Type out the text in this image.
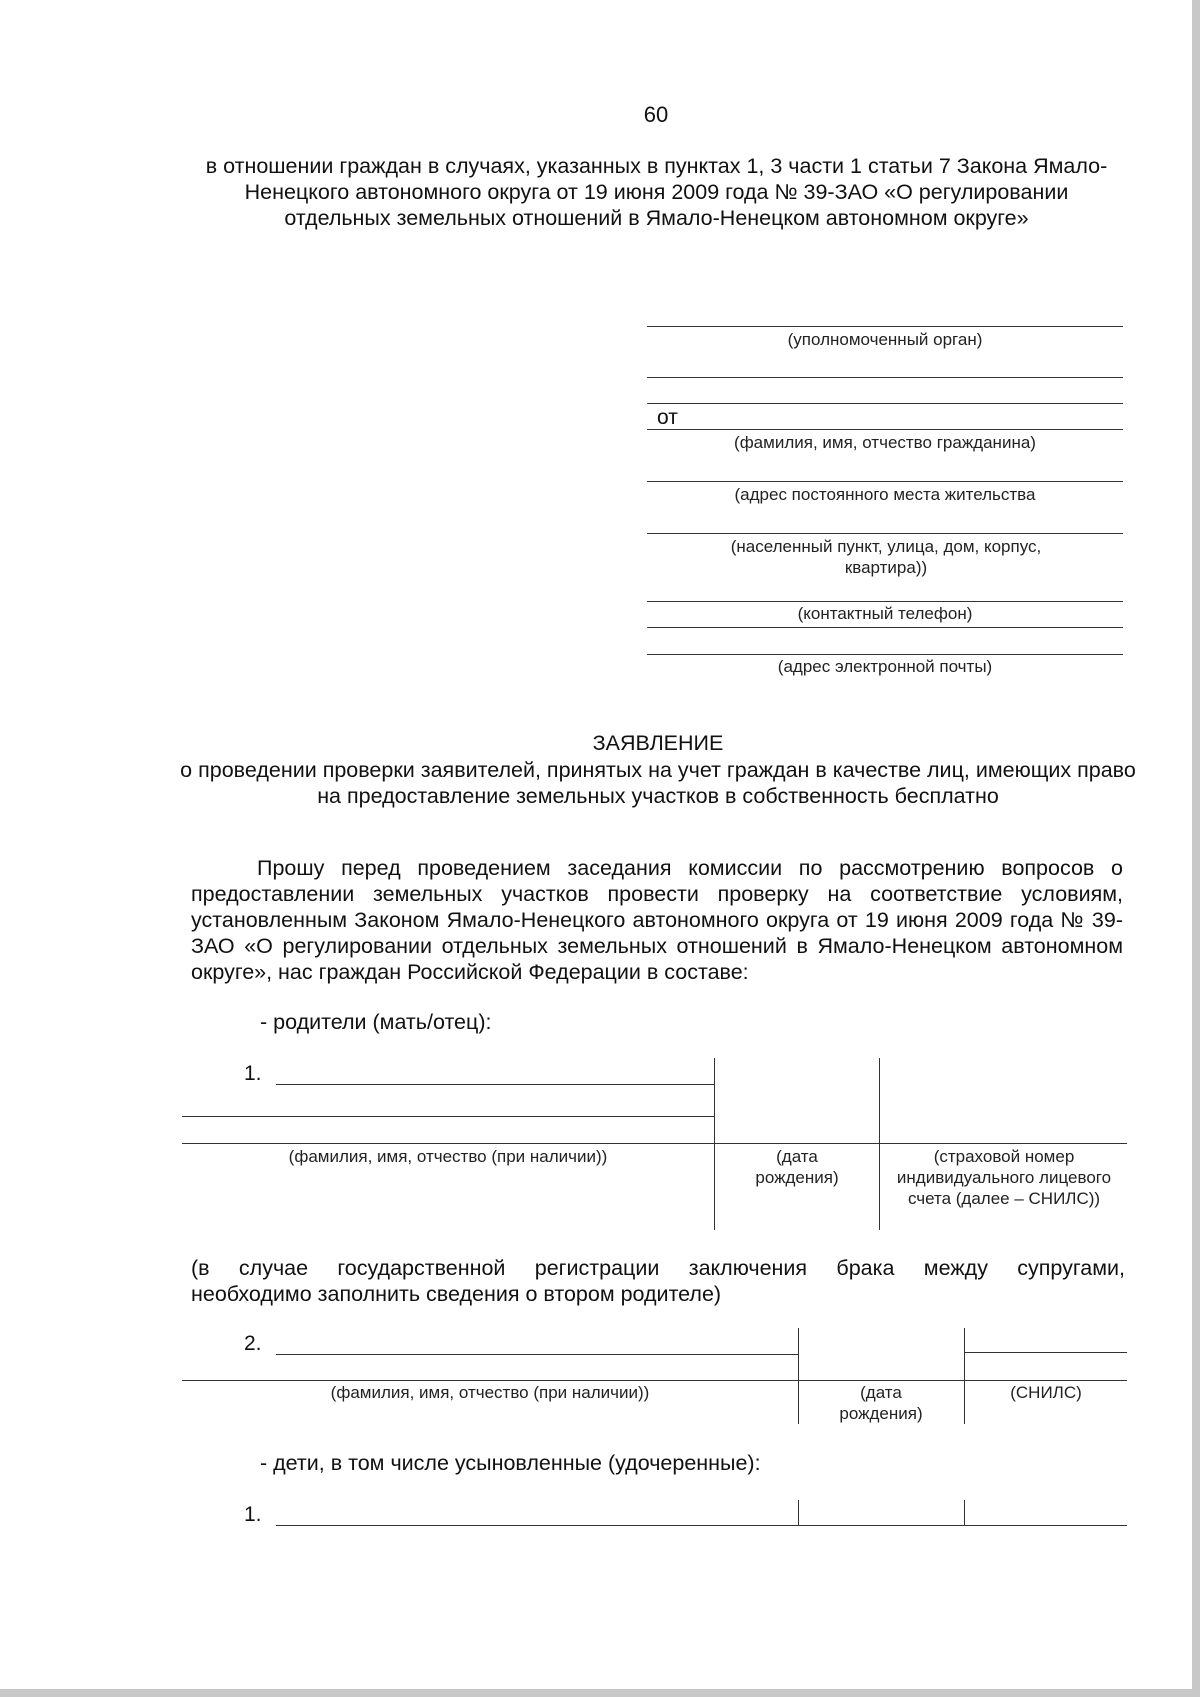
60
в отношении граждан в случаях, указанных в пунктах 1, 3 части 1 статьи 7 Закона Ямало-Ненецкого автономного округа от 19 июня 2009 года № 39-ЗАО «О регулировании отдельных земельных отношений в Ямало-Ненецком автономном округе»
(уполномоченный орган)
от
(фамилия, имя, отчество гражданина)
(адрес постоянного места жительства
(населенный пункт, улица, дом, корпус, квартира))
(контактный телефон)
(адрес электронной почты)
ЗАЯВЛЕНИЕ
о проведении проверки заявителей, принятых на учет граждан в качестве лиц, имеющих право на предоставление земельных участков в собственность бесплатно
Прошу перед проведением заседания комиссии по рассмотрению вопросов о предоставлении земельных участков провести проверку на соответствие условиям, установленным Законом Ямало-Ненецкого автономного округа от 19 июня 2009 года № 39-ЗАО «О регулировании отдельных земельных отношений в Ямало-Ненецком автономном округе», нас граждан Российской Федерации в составе:
- родители (мать/отец):
1.
(фамилия, имя, отчество (при наличии))	(дата рождения)
(страховой номер индивидуального лицевого счета (далее – СНИЛС))
(в случае государственной регистрации заключения брака между супругами,
необходимо заполнить сведения о втором родителе)
2.
(фамилия, имя, отчество (при наличии))	(дата рождения)
(СНИЛС)
- дети, в том числе усыновленные (удочеренные):
1.
